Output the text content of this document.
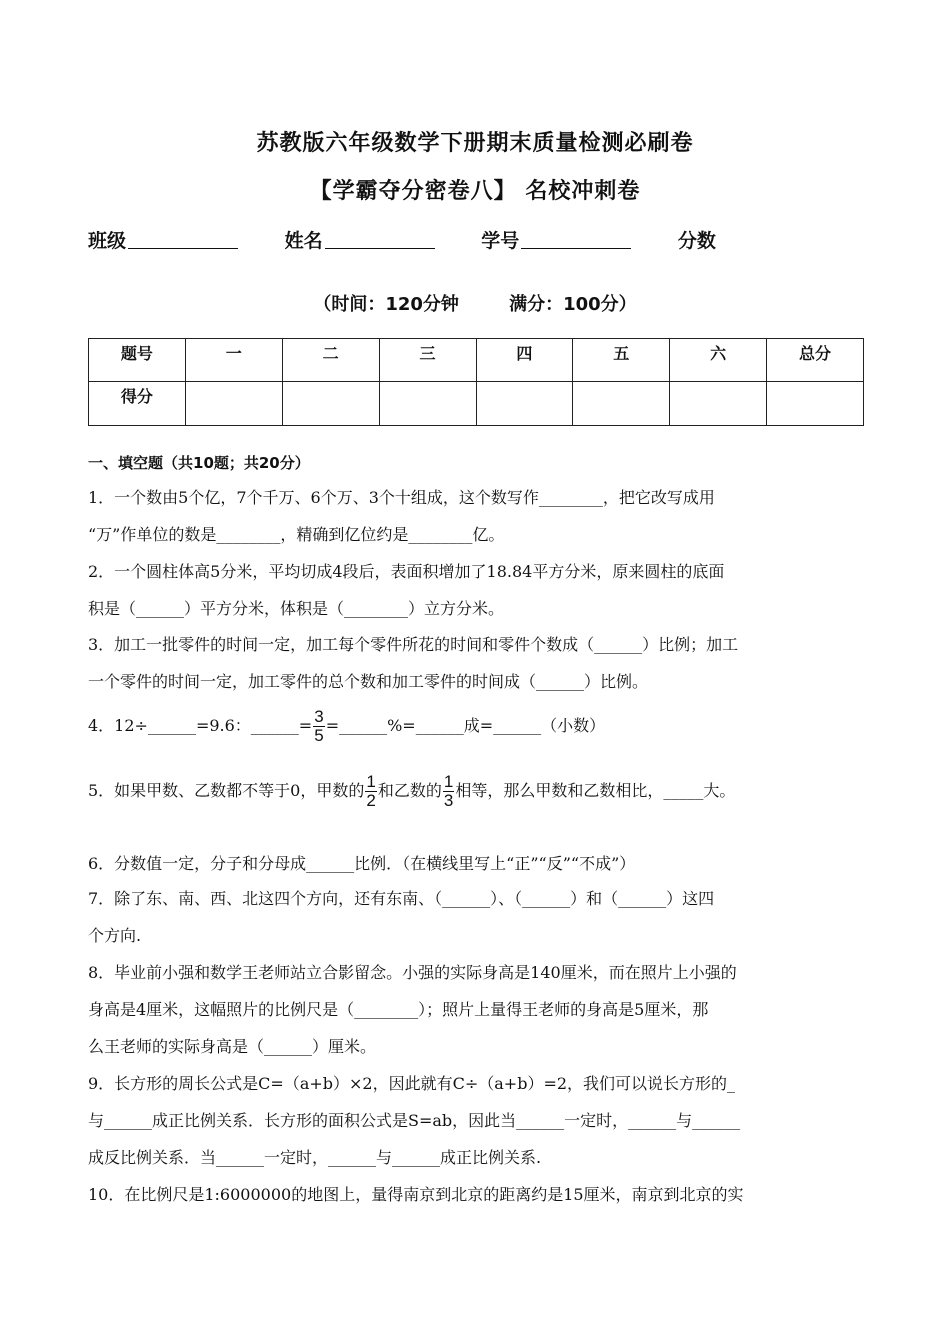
苏教版六年级数学下册期末质量检测必刷卷
【学霸夺分密卷八】 名校冲刺卷
班级	姓名	学号	分数
（时间：120分钟        满分：100分）
题号	一	二	三	四	五	六	总分
得分							
一、填空题（共10题；共20分）
1．一个数由5个亿，7个千万、6个万、3个十组成，这个数写作________，把它改写成用
“万”作单位的数是________，精确到亿位约是________亿。
2．一个圆柱体高5分米，平均切成4段后，表面积增加了18.84平方分米，原来圆柱的底面
积是（______）平方分米，体积是（________）立方分米。
3．加工一批零件的时间一定，加工每个零件所花的时间和零件个数成（______）比例；加工
一个零件的时间一定，加工零件的总个数和加工零件的时间成（______）比例。
4．12÷______=9.6：______= $\frac{3}{5}$ =______%=______成=______（小数）
5．如果甲数、乙数都不等于0，甲数的 $\frac{1}{2}$ 和乙数的 $\frac{1}{3}$ 相等，那么甲数和乙数相比，_____大。
6．分数值一定，分子和分母成______比例．（在横线里写上“正”“反”“不成”）
7．除了东、南、西、北这四个方向，还有东南、（______）、（______）和（______）这四
个方向.
8．毕业前小强和数学王老师站立合影留念。小强的实际身高是140厘米，而在照片上小强的
身高是4厘米，这幅照片的比例尺是（________）；照片上量得王老师的身高是5厘米，那
么王老师的实际身高是（______）厘米。
9．长方形的周长公式是C=（a+b）×2，因此就有C÷（a+b）=2，我们可以说长方形的_
与______成正比例关系．长方形的面积公式是S=ab，因此当______一定时，______与______
成反比例关系．当______一定时，______与______成正比例关系.
10．在比例尺是1:6000000的地图上，量得南京到北京的距离约是15厘米，南京到北京的实
